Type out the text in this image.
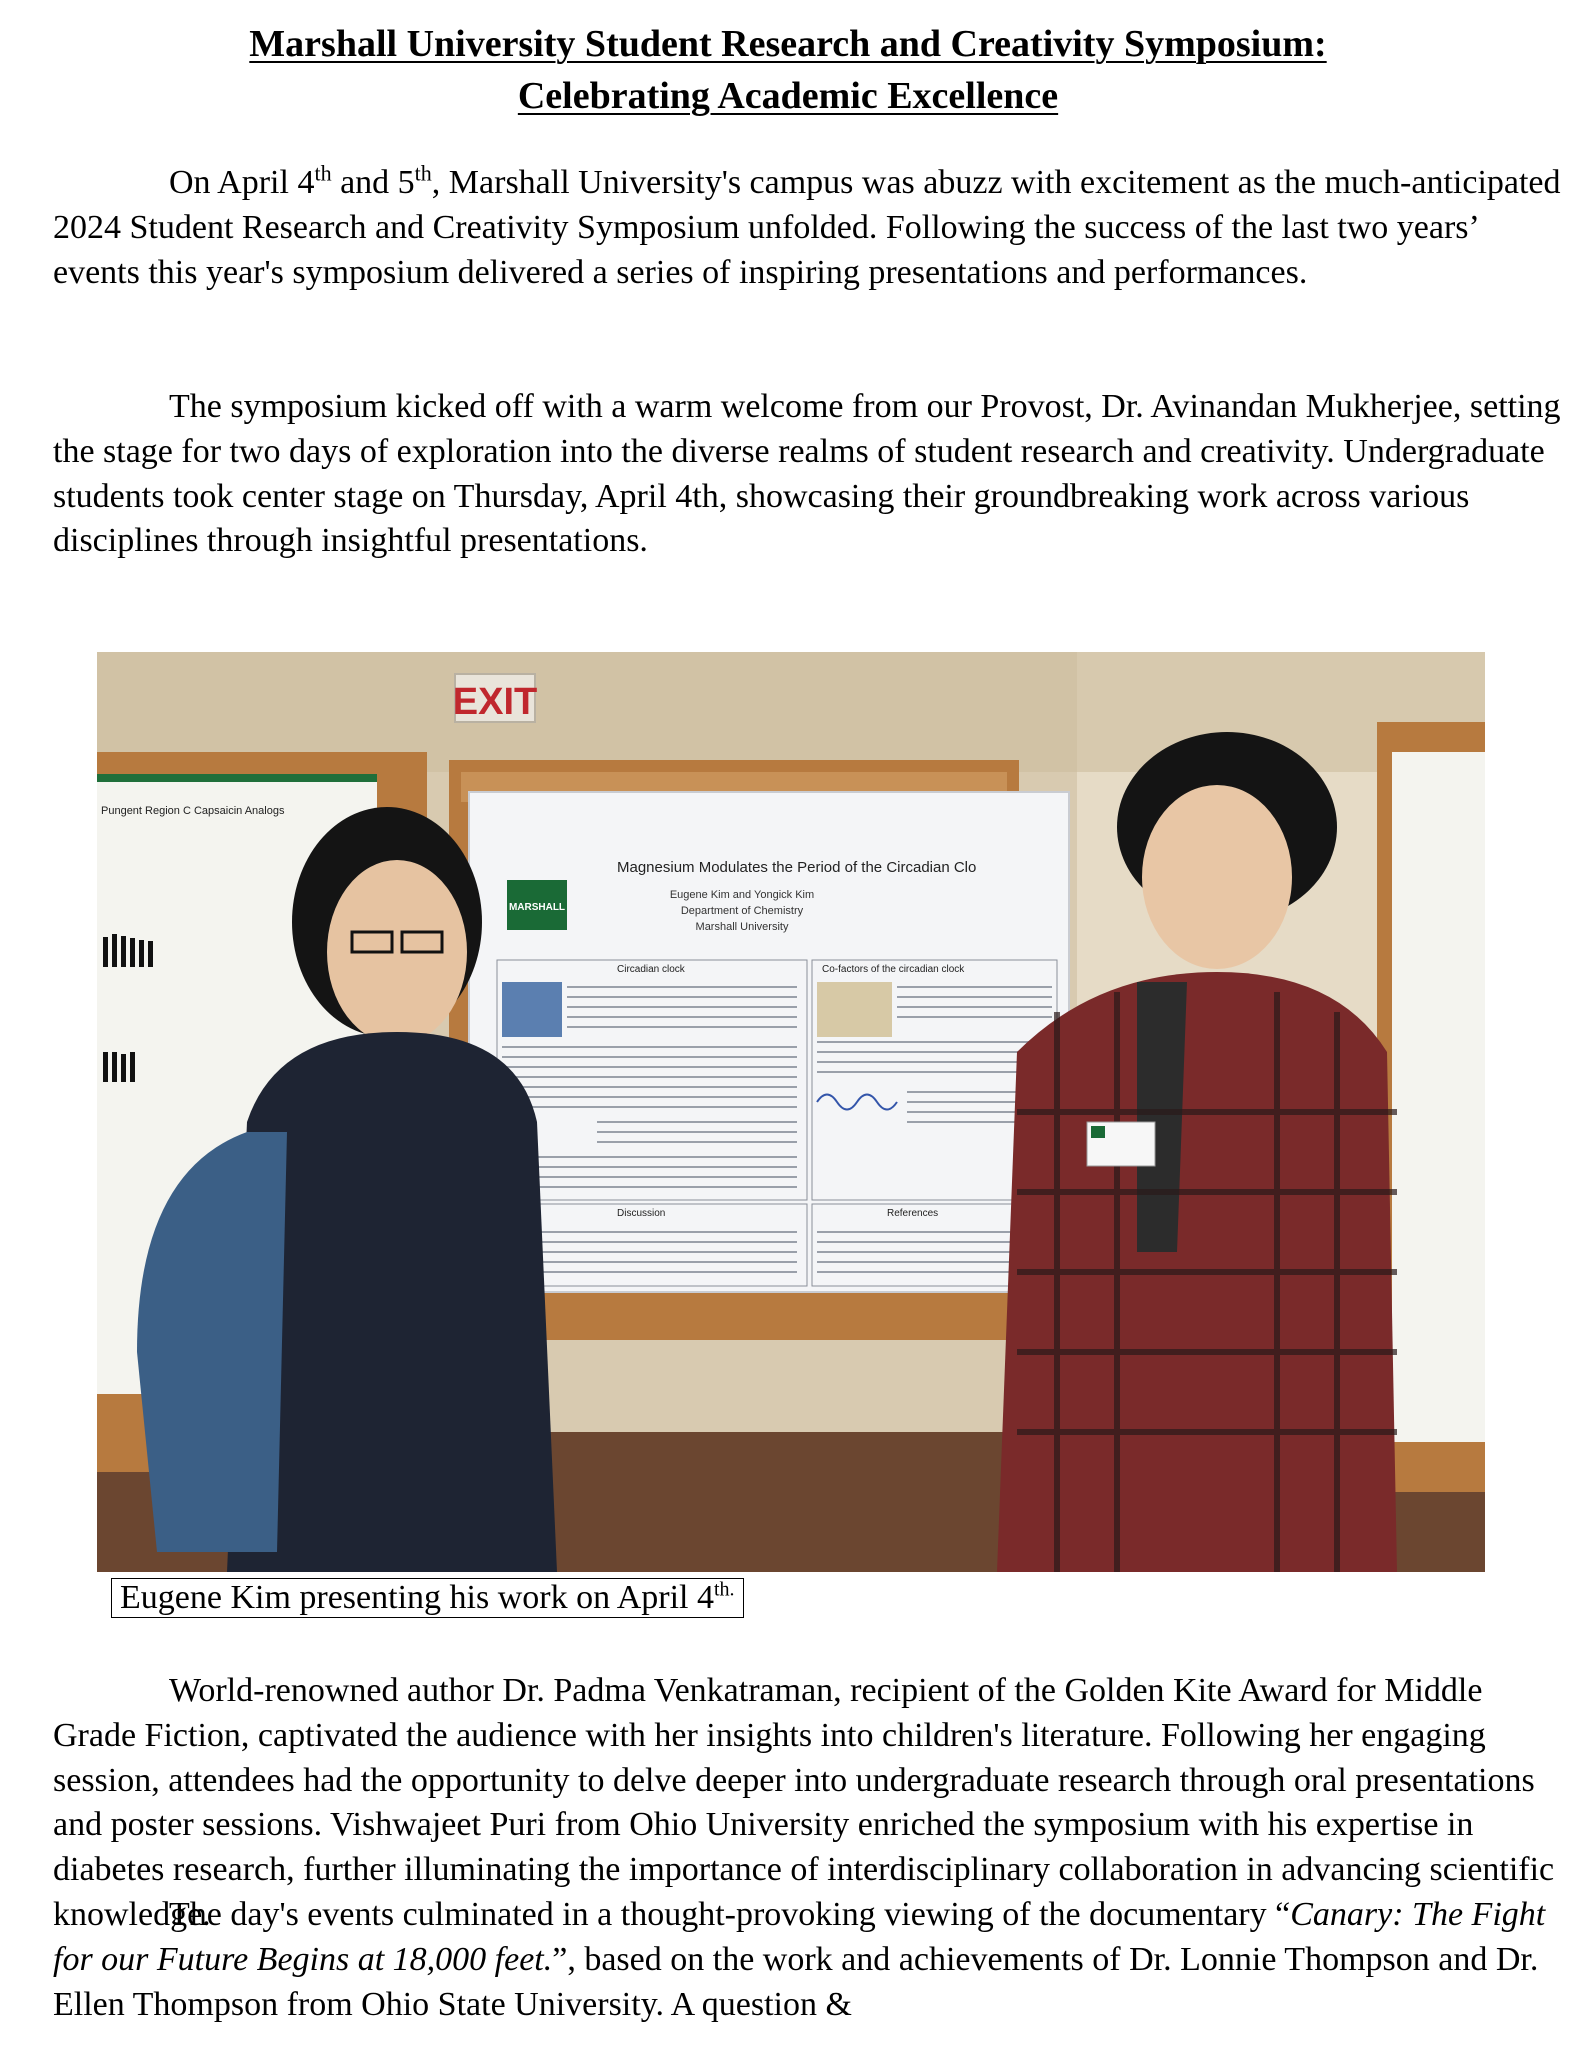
Marshall University Student Research and Creativity Symposium:
Celebrating Academic Excellence

On April 4th and 5th, Marshall University's campus was abuzz with excitement as the much-anticipated 2024 Student Research and Creativity Symposium unfolded. Following the success of the last two years’ events this year's symposium delivered a series of inspiring presentations and performances.

The symposium kicked off with a warm welcome from our Provost, Dr. Avinandan Mukherjee, setting the stage for two days of exploration into the diverse realms of student research and creativity. Undergraduate students took center stage on Thursday, April 4th, showcasing their groundbreaking work across various disciplines through insightful presentations.

EXIT
Pungent Region C Capsaicin Analogs
MARSHALL
Magnesium Modulates the Period of the Circadian Clo
Eugene Kim and Yongick Kim
Department of Chemistry
Marshall University
Circadian clock	Co-factors of the circadian clock
Discussion	References
Eugene Kim presenting his work on April $4^{th.}$

World-renowned author Dr. Padma Venkatraman, recipient of the Golden Kite Award for Middle Grade Fiction, captivated the audience with her insights into children's literature. Following her engaging session, attendees had the opportunity to delve deeper into undergraduate research through oral presentations and poster sessions. Vishwajeet Puri from Ohio University enriched the symposium with his expertise in diabetes research, further illuminating the importance of interdisciplinary collaboration in advancing scientific knowledge.

The day's events culminated in a thought-provoking viewing of the documentary “Canary: The Fight for our Future Begins at 18,000 feet.”, based on the work and achievements of Dr. Lonnie Thompson and Dr. Ellen Thompson from Ohio State University. A question &
